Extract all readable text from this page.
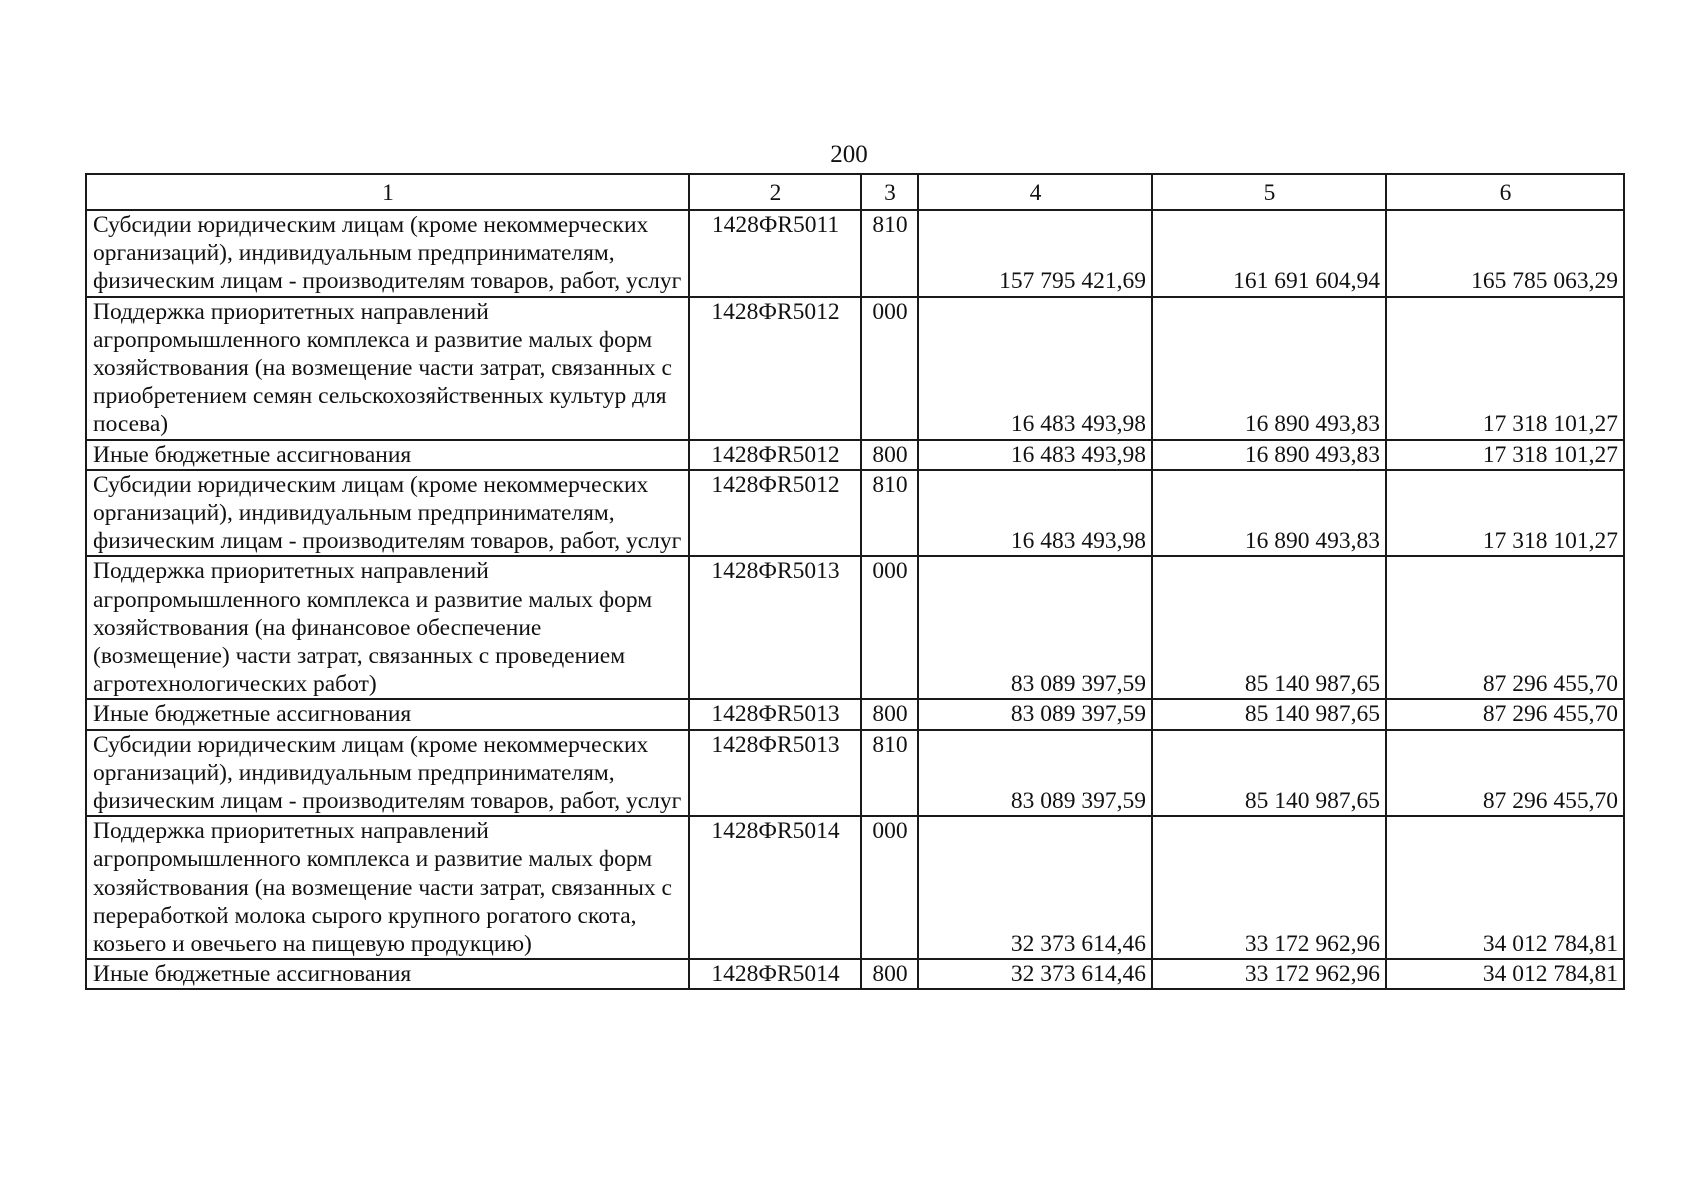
200
1	2	3	4	5	6
Субсидии юридическим лицам (кроме некоммерческих организаций), индивидуальным предпринимателям, физическим лицам - производителям товаров, работ, услуг	1428ФR5011	810	157 795 421,69	161 691 604,94	165 785 063,29
Поддержка приоритетных направлений агропромышленного комплекса и развитие малых форм хозяйствования (на возмещение части затрат, связанных с приобретением семян сельскохозяйственных культур для посева)	1428ФR5012	000	16 483 493,98	16 890 493,83	17 318 101,27
Иные бюджетные ассигнования	1428ФR5012	800	16 483 493,98	16 890 493,83	17 318 101,27
Субсидии юридическим лицам (кроме некоммерческих организаций), индивидуальным предпринимателям, физическим лицам - производителям товаров, работ, услуг	1428ФR5012	810	16 483 493,98	16 890 493,83	17 318 101,27
Поддержка приоритетных направлений агропромышленного комплекса и развитие малых форм хозяйствования (на финансовое обеспечение (возмещение) части затрат, связанных с проведением агротехнологических работ)	1428ФR5013	000	83 089 397,59	85 140 987,65	87 296 455,70
Иные бюджетные ассигнования	1428ФR5013	800	83 089 397,59	85 140 987,65	87 296 455,70
Субсидии юридическим лицам (кроме некоммерческих организаций), индивидуальным предпринимателям, физическим лицам - производителям товаров, работ, услуг	1428ФR5013	810	83 089 397,59	85 140 987,65	87 296 455,70
Поддержка приоритетных направлений агропромышленного комплекса и развитие малых форм хозяйствования (на возмещение части затрат, связанных с переработкой молока сырого крупного рогатого скота, козьего и овечьего на пищевую продукцию)	1428ФR5014	000	32 373 614,46	33 172 962,96	34 012 784,81
Иные бюджетные ассигнования	1428ФR5014	800	32 373 614,46	33 172 962,96	34 012 784,81
